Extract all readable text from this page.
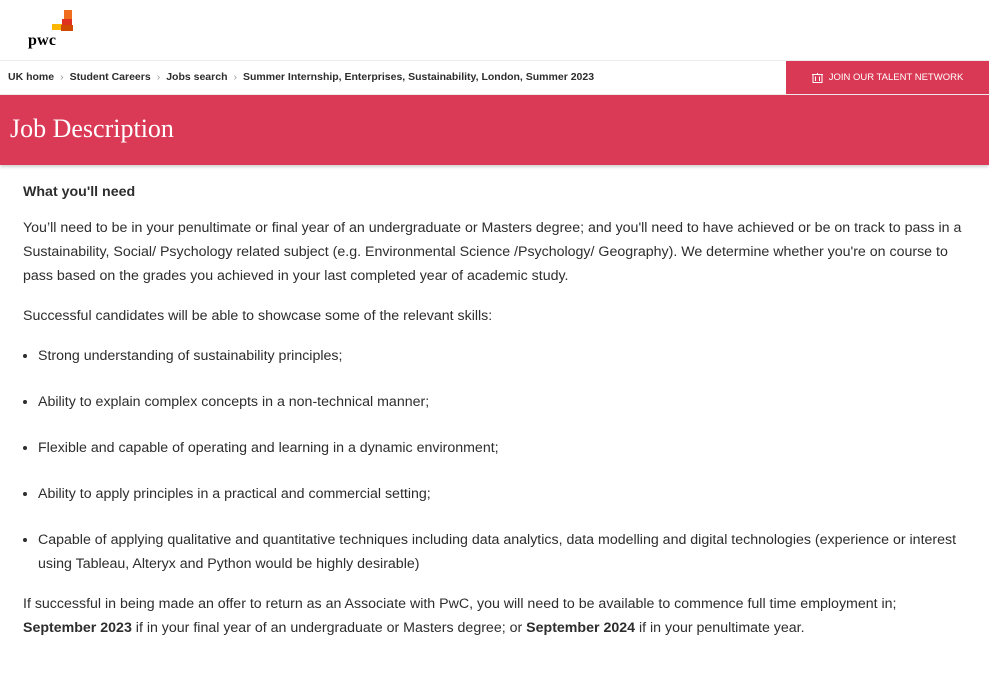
pwc
UK home › Student Careers › Jobs search › Summer Internship, Enterprises, Sustainability, London, Summer 2023	JOIN OUR TALENT NETWORK
Job Description
What you'll need

You’ll need to be in your penultimate or final year of an undergraduate or Masters degree; and you'll need to have achieved or be on track to pass in a Sustainability, Social/ Psychology related subject (e.g. Environmental Science /Psychology/ Geography). We determine whether you're on course to pass based on the grades you achieved in your last completed year of academic study.

Successful candidates will be able to showcase some of the relevant skills:

• Strong understanding of sustainability principles;
• Ability to explain complex concepts in a non-technical manner;
• Flexible and capable of operating and learning in a dynamic environment;
• Ability to apply principles in a practical and commercial setting;
• Capable of applying qualitative and quantitative techniques including data analytics, data modelling and digital technologies (experience or interest using Tableau, Alteryx and Python would be highly desirable)

If successful in being made an offer to return as an Associate with PwC, you will need to be available to commence full time employment in; September 2023 if in your final year of an undergraduate or Masters degree; or September 2024 if in your penultimate year.
